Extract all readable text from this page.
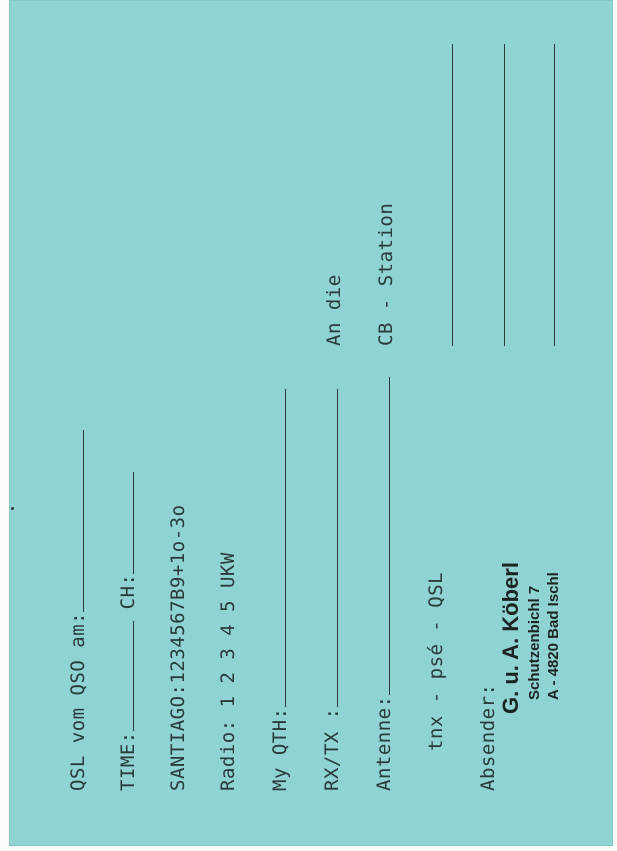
QSL vom QSO am: TIME: CH: SANTIAGO:1234567B9+1o-3o Radio: 1 2 3 4 5 UKW My QTH: RX/TX : Antenne: tnx - psé - QSL Absender:
G. u. A. Köberl Schutzenbichl 7 A - 4820 Bad Ischl
An die CB - Station
